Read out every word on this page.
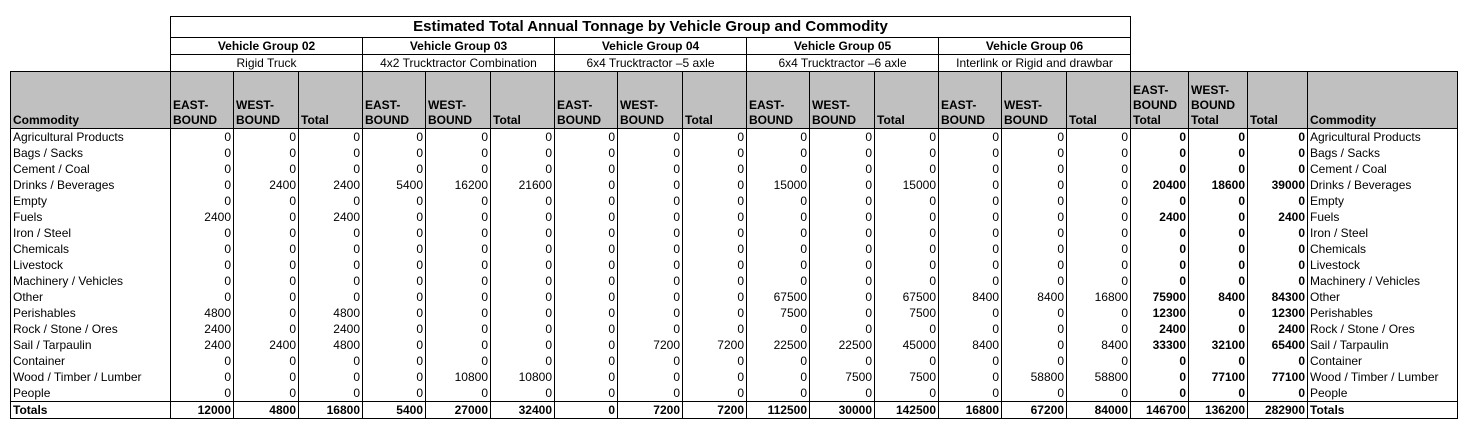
	Estimated Total Annual Tonnage by Vehicle Group and Commodity																		
	Vehicle Group 02			Vehicle Group 03			Vehicle Group 04			Vehicle Group 05			Vehicle Group 06						
	Rigid Truck			4x2 Trucktractor Combination			6x4 Trucktractor –5 axle			6x4 Trucktractor –6 axle			Interlink or Rigid and drawbar						
Commodity	EAST-BOUND	WEST-BOUND	Total	EAST-BOUND	WEST-BOUND	Total	EAST-BOUND	WEST-BOUND	Total	EAST-BOUND	WEST-BOUND	Total	EAST-BOUND	WEST-BOUND	Total	EAST-BOUND Total	WEST-BOUND Total	Total	Commodity
Agricultural Products	0	0	0	0	0	0	0	0	0	0	0	0	0	0	0	0	0	0	Agricultural Products
Bags / Sacks	0	0	0	0	0	0	0	0	0	0	0	0	0	0	0	0	0	0	Bags / Sacks
Cement / Coal	0	0	0	0	0	0	0	0	0	0	0	0	0	0	0	0	0	0	Cement / Coal
Drinks / Beverages	0	2400	2400	5400	16200	21600	0	0	0	15000	0	15000	0	0	0	20400	18600	39000	Drinks / Beverages
Empty	0	0	0	0	0	0	0	0	0	0	0	0	0	0	0	0	0	0	Empty
Fuels	2400	0	2400	0	0	0	0	0	0	0	0	0	0	0	0	2400	0	2400	Fuels
Iron / Steel	0	0	0	0	0	0	0	0	0	0	0	0	0	0	0	0	0	0	Iron / Steel
Chemicals	0	0	0	0	0	0	0	0	0	0	0	0	0	0	0	0	0	0	Chemicals
Livestock	0	0	0	0	0	0	0	0	0	0	0	0	0	0	0	0	0	0	Livestock
Machinery / Vehicles	0	0	0	0	0	0	0	0	0	0	0	0	0	0	0	0	0	0	Machinery / Vehicles
Other	0	0	0	0	0	0	0	0	0	67500	0	67500	8400	8400	16800	75900	8400	84300	Other
Perishables	4800	0	4800	0	0	0	0	0	0	7500	0	7500	0	0	0	12300	0	12300	Perishables
Rock / Stone / Ores	2400	0	2400	0	0	0	0	0	0	0	0	0	0	0	0	2400	0	2400	Rock / Stone / Ores
Sail / Tarpaulin	2400	2400	4800	0	0	0	0	7200	7200	22500	22500	45000	8400	0	8400	33300	32100	65400	Sail / Tarpaulin
Container	0	0	0	0	0	0	0	0	0	0	0	0	0	0	0	0	0	0	Container
Wood / Timber / Lumber	0	0	0	0	10800	10800	0	0	0	0	7500	7500	0	58800	58800	0	77100	77100	Wood / Timber / Lumber
People	0	0	0	0	0	0	0	0	0	0	0	0	0	0	0	0	0	0	People
Totals	12000	4800	16800	5400	27000	32400	0	7200	7200	112500	30000	142500	16800	67200	84000	146700	136200	282900	Totals
